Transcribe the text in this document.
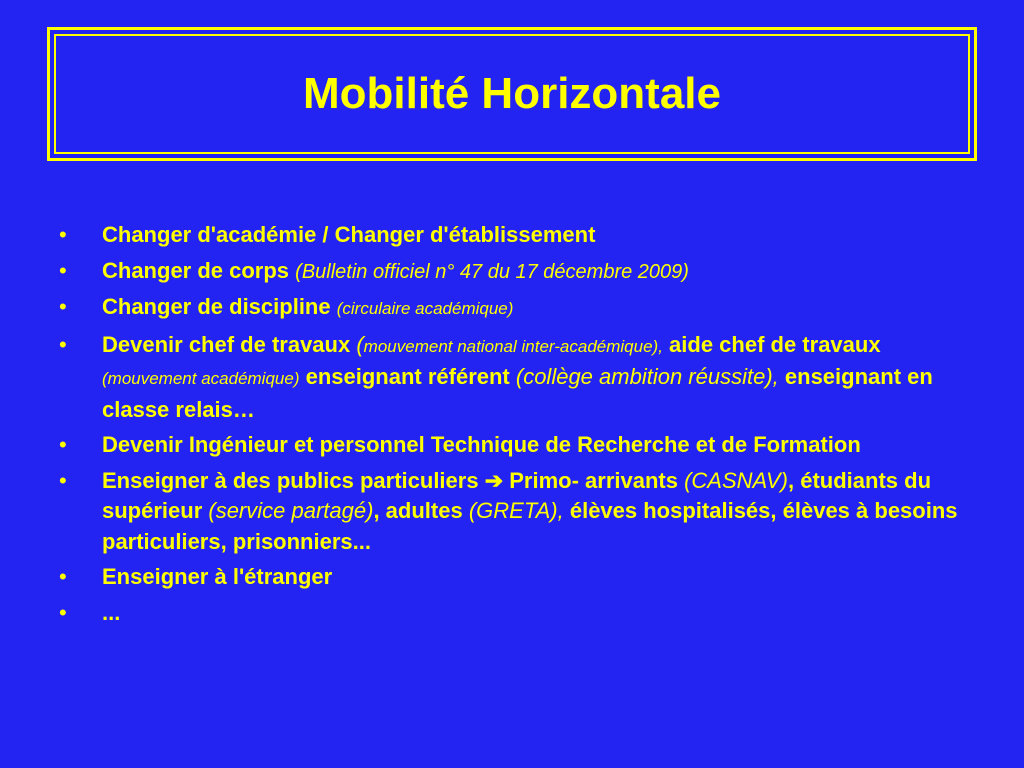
Mobilité Horizontale
• Changer d'académie / Changer d'établissement
• Changer de corps (Bulletin officiel n° 47 du 17 décembre 2009)
• Changer de discipline (circulaire académique)
• Devenir chef de travaux (mouvement national inter-académique), aide chef de travaux (mouvement académique) enseignant référent (collège ambition réussite), enseignant en classe relais…
• Devenir Ingénieur et personnel Technique de Recherche et de Formation
• Enseigner à des publics particuliers ➔ Primo- arrivants (CASNAV), étudiants du supérieur (service partagé), adultes (GRETA), élèves hospitalisés, élèves à besoins particuliers, prisonniers...
• Enseigner à l'étranger
• ...
